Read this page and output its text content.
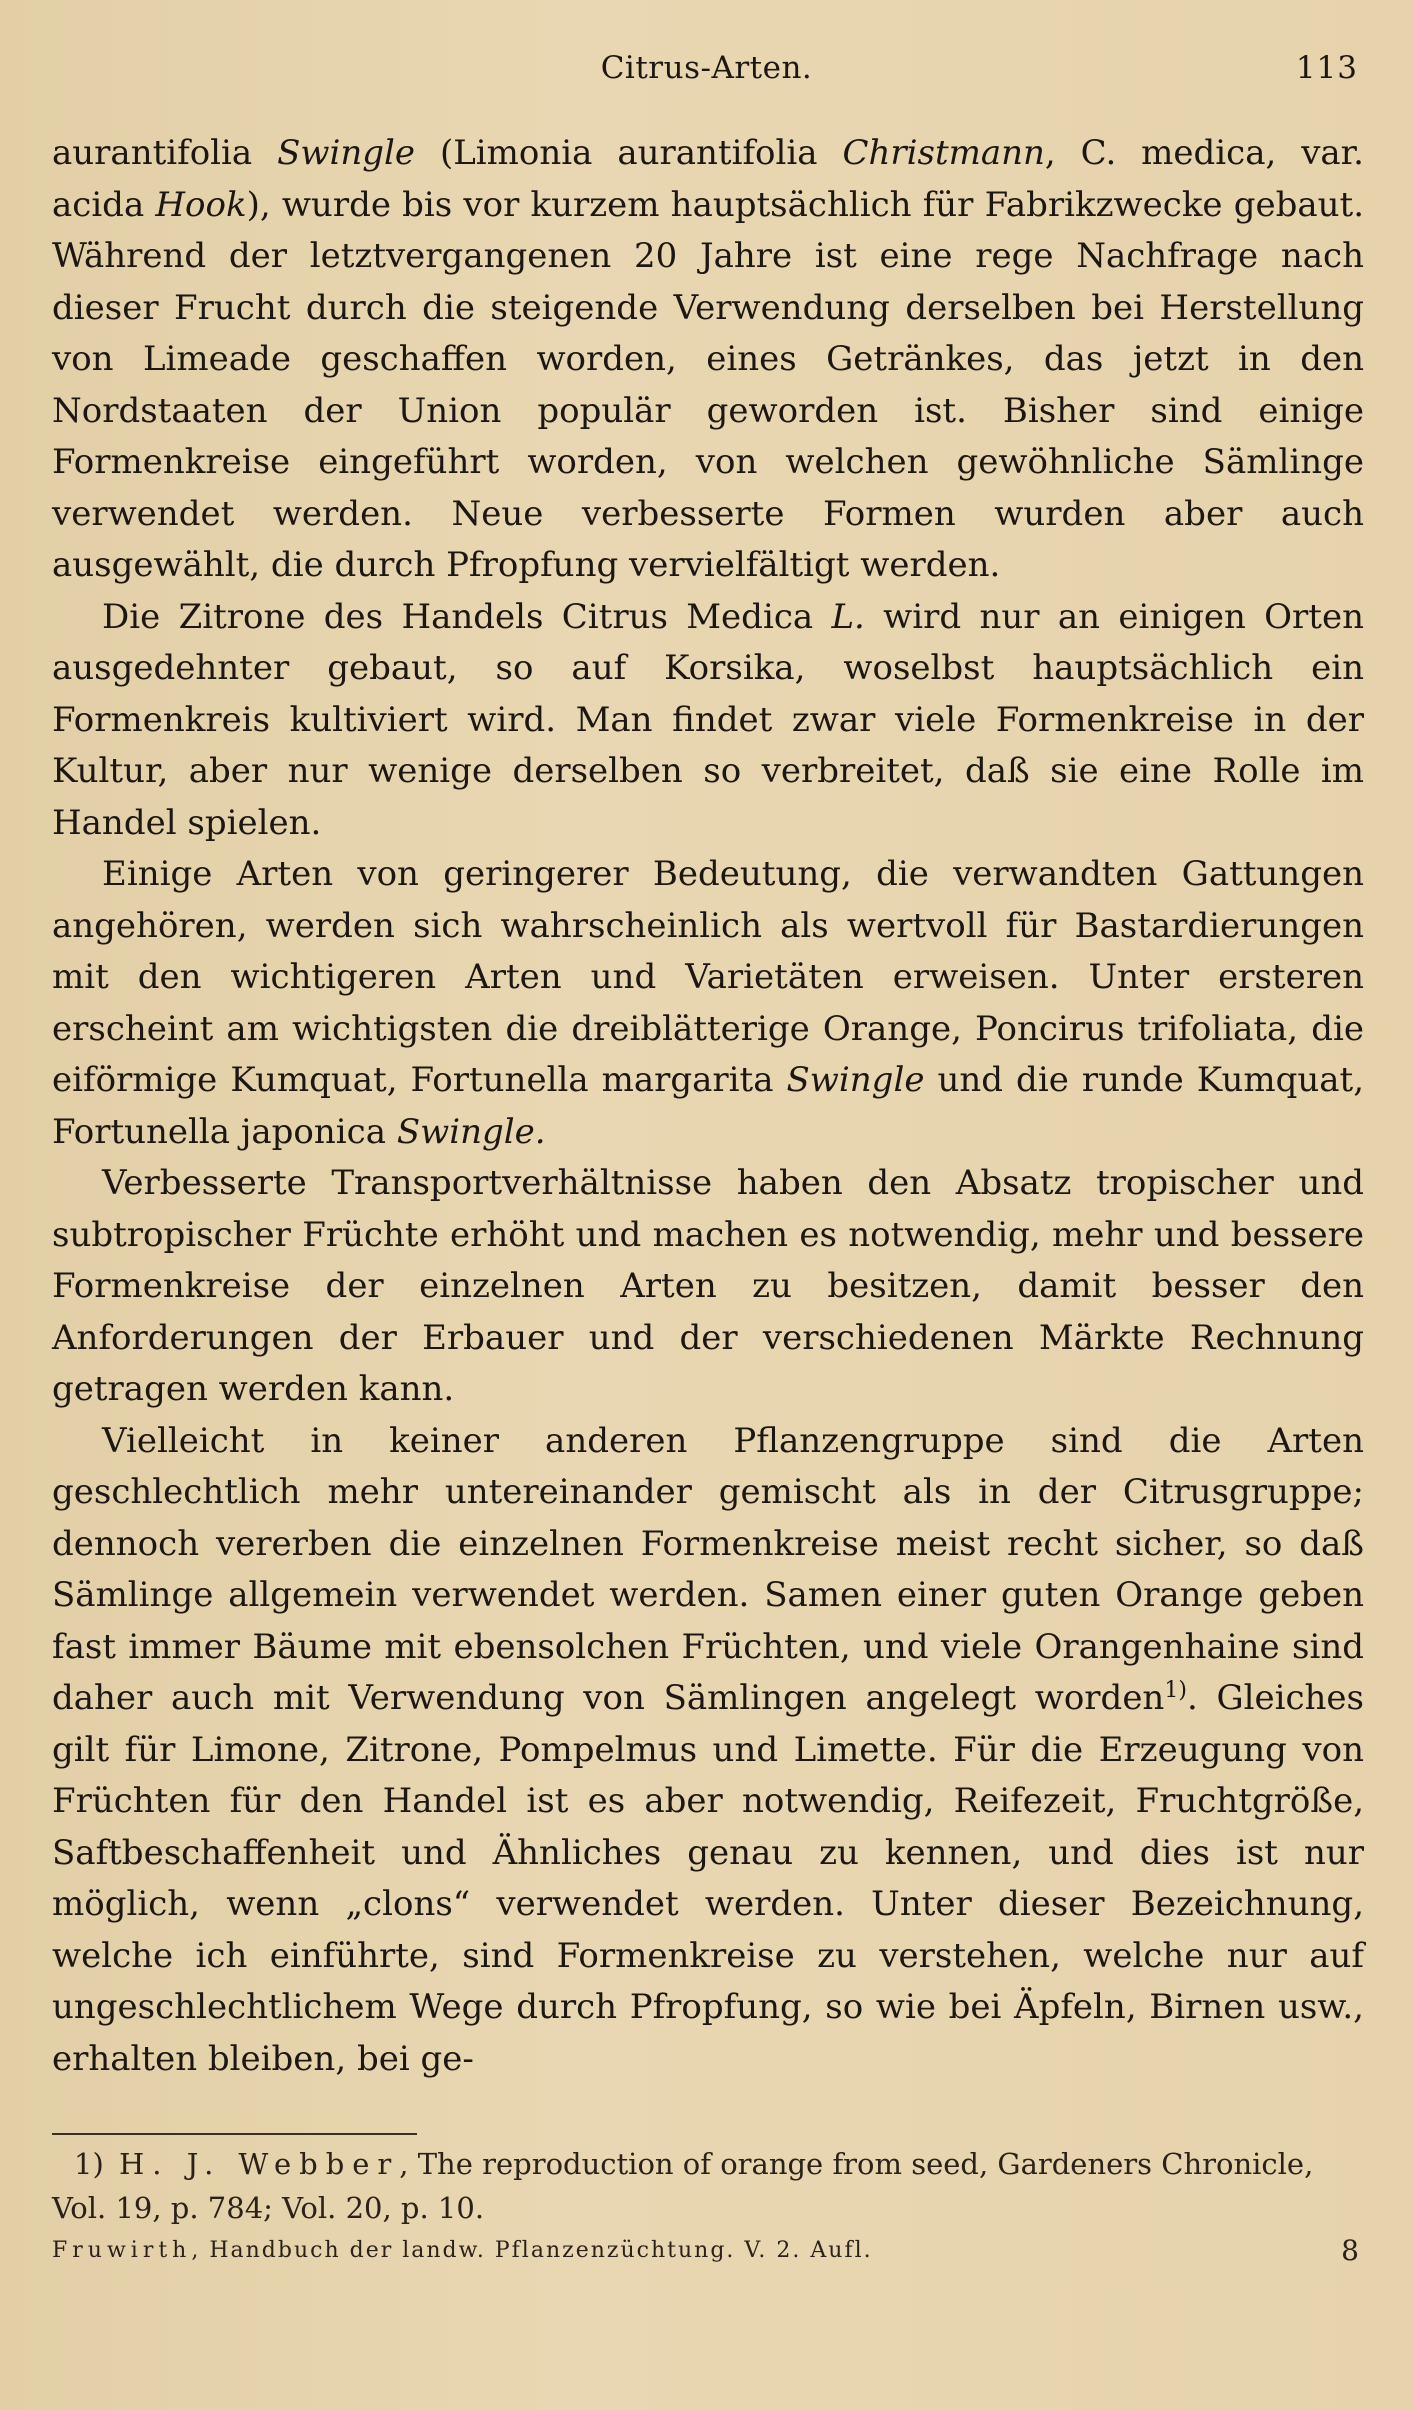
Citrus-Arten.	113

aurantifolia Swingle (Limonia aurantifolia Christmann, C. medica, var. acida Hook), wurde bis vor kurzem hauptsächlich für Fabrikzwecke gebaut. Während der letztvergangenen 20 Jahre ist eine rege Nachfrage nach dieser Frucht durch die steigende Verwendung derselben bei Herstellung von Limeade geschaffen worden, eines Getränkes, das jetzt in den Nordstaaten der Union populär geworden ist. Bisher sind einige Formenkreise eingeführt worden, von welchen gewöhnliche Sämlinge verwendet werden. Neue verbesserte Formen wurden aber auch ausgewählt, die durch Pfropfung vervielfältigt werden.

Die Zitrone des Handels Citrus Medica L. wird nur an einigen Orten ausgedehnter gebaut, so auf Korsika, woselbst hauptsächlich ein Formenkreis kultiviert wird. Man findet zwar viele Formenkreise in der Kultur, aber nur wenige derselben so verbreitet, daß sie eine Rolle im Handel spielen.

Einige Arten von geringerer Bedeutung, die verwandten Gattungen angehören, werden sich wahrscheinlich als wertvoll für Bastardierungen mit den wichtigeren Arten und Varietäten erweisen. Unter ersteren erscheint am wichtigsten die dreiblätterige Orange, Poncirus trifoliata, die eiförmige Kumquat, Fortunella margarita Swingle und die runde Kumquat, Fortunella japonica Swingle.

Verbesserte Transportverhältnisse haben den Absatz tropischer und subtropischer Früchte erhöht und machen es notwendig, mehr und bessere Formenkreise der einzelnen Arten zu besitzen, damit besser den Anforderungen der Erbauer und der verschiedenen Märkte Rechnung getragen werden kann.

Vielleicht in keiner anderen Pflanzengruppe sind die Arten geschlechtlich mehr untereinander gemischt als in der Citrusgruppe; dennoch vererben die einzelnen Formenkreise meist recht sicher, so daß Sämlinge allgemein verwendet werden. Samen einer guten Orange geben fast immer Bäume mit ebensolchen Früchten, und viele Orangenhaine sind daher auch mit Verwendung von Sämlingen angelegt worden$^{1)}$. Gleiches gilt für Limone, Zitrone, Pompelmus und Limette. Für die Erzeugung von Früchten für den Handel ist es aber notwendig, Reifezeit, Fruchtgröße, Saftbeschaffenheit und Ähnliches genau zu kennen, und dies ist nur möglich, wenn „clons“ verwendet werden. Unter dieser Bezeichnung, welche ich einführte, sind Formenkreise zu verstehen, welche nur auf ungeschlechtlichem Wege durch Pfropfung, so wie bei Äpfeln, Birnen usw., erhalten bleiben, bei ge-

1) H. J. Webber, The reproduction of orange from seed, Gardeners Chronicle, Vol. 19, p. 784; Vol. 20, p. 10.
Fruwirth, Handbuch der landw. Pflanzenzüchtung. V. 2. Aufl.	8
